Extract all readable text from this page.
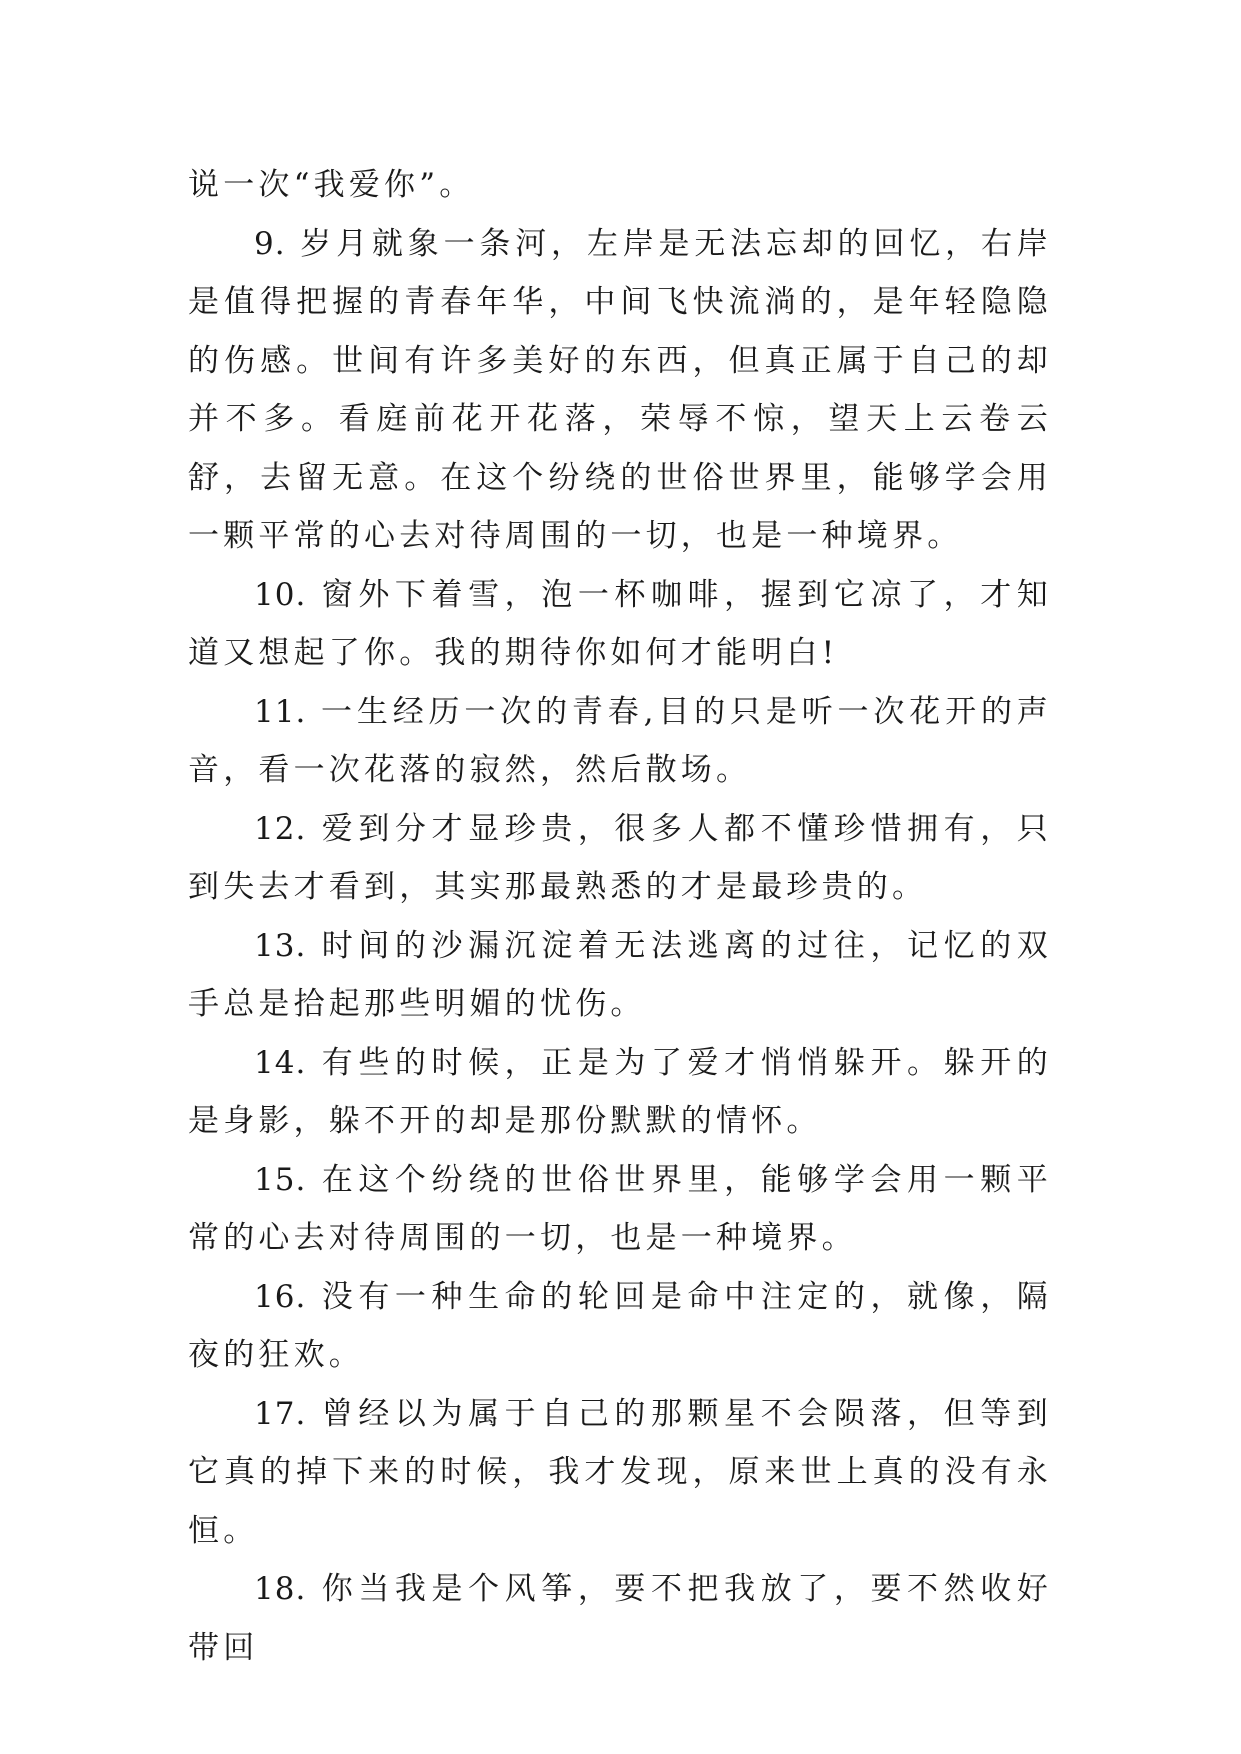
说一次“我爱你”。

9. 岁月就象一条河，左岸是无法忘却的回忆，右岸是值得把握的青春年华，中间飞快流淌的，是年轻隐隐的伤感。世间有许多美好的东西，但真正属于自己的却并不多。看庭前花开花落，荣辱不惊，望天上云卷云舒，去留无意。在这个纷绕的世俗世界里，能够学会用一颗平常的心去对待周围的一切，也是一种境界。

10. 窗外下着雪，泡一杯咖啡，握到它凉了，才知道又想起了你。我的期待你如何才能明白!

11. 一生经历一次的青春,目的只是听一次花开的声音，看一次花落的寂然，然后散场。

12. 爱到分才显珍贵，很多人都不懂珍惜拥有，只到失去才看到，其实那最熟悉的才是最珍贵的。

13. 时间的沙漏沉淀着无法逃离的过往，记忆的双手总是拾起那些明媚的忧伤。

14. 有些的时候，正是为了爱才悄悄躲开。躲开的是身影，躲不开的却是那份默默的情怀。

15. 在这个纷绕的世俗世界里，能够学会用一颗平常的心去对待周围的一切，也是一种境界。

16. 没有一种生命的轮回是命中注定的，就像，隔夜的狂欢。

17. 曾经以为属于自己的那颗星不会陨落，但等到它真的掉下来的时候，我才发现，原来世上真的没有永恒。

18. 你当我是个风筝，要不把我放了，要不然收好带回
